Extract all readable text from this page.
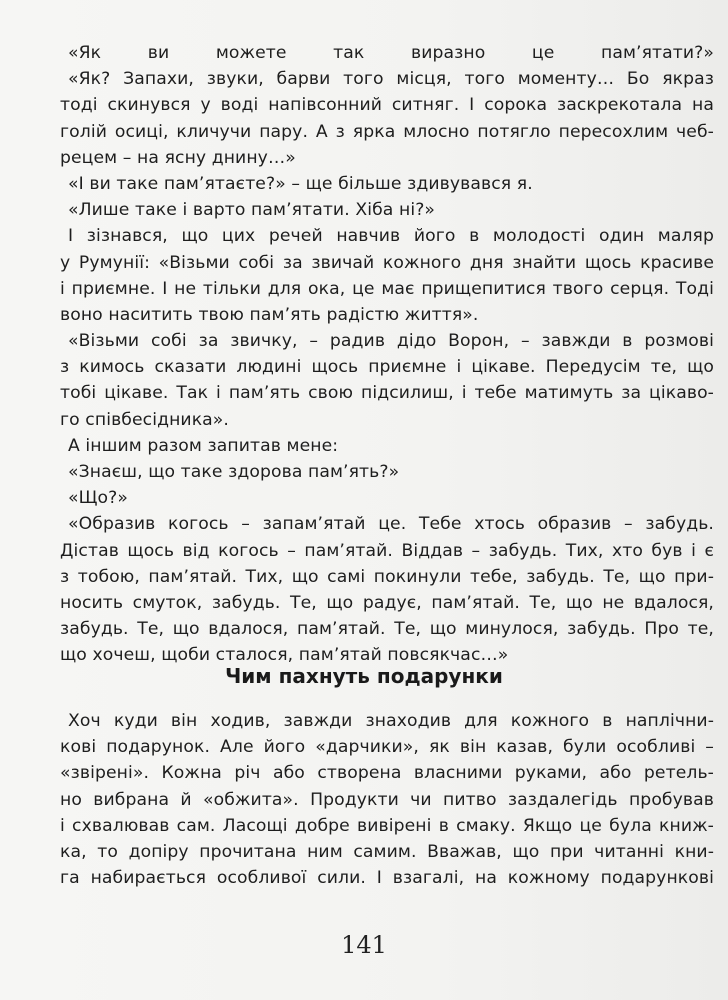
«Як ви можете так виразно це пам’ятати?»
«Як? Запахи, звуки, барви того місця, того моменту… Бо якраз
тоді скинувся у воді напівсонний ситняг. І сорока заскрекотала на
голій осиці, кличучи пару. А з ярка млосно потягло пересохлим чеб-
рецем – на ясну днину…»
«І ви таке пам’ятаєте?» – ще більше здивувався я.
«Лише таке і варто пам’ятати. Хіба ні?»
І зізнався, що цих речей навчив його в молодості один маляр
у Румунії: «Візьми собі за звичай кожного дня знайти щось красиве
і приємне. І не тільки для ока, це має прищепитися твого серця. Тоді
воно наситить твою пам’ять радістю життя».
«Візьми собі за звичку, – радив дідо Ворон, – завжди в розмові
з кимось сказати людині щось приємне і цікаве. Передусім те, що
тобі цікаве. Так і пам’ять свою підсилиш, і тебе матимуть за цікаво-
го співбесідника».
А іншим разом запитав мене:
«Знаєш, що таке здорова пам’ять?»
«Що?»
«Образив когось – запам’ятай це. Тебе хтось образив – забудь.
Дістав щось від когось – пам’ятай. Віддав – забудь. Тих, хто був і є
з тобою, пам’ятай. Тих, що самі покинули тебе, забудь. Те, що при-
носить смуток, забудь. Те, що радує, пам’ятай. Те, що не вдалося,
забудь. Те, що вдалося, пам’ятай. Те, що минулося, забудь. Про те,
що хочеш, щоби сталося, пам’ятай повсякчас…»
Чим пахнуть подарунки
Хоч куди він ходив, завжди знаходив для кожного в наплічни-
кові подарунок. Але його «дарчики», як він казав, були особливі –
«звірені». Кожна річ або створена власними руками, або ретель-
но вибрана й «обжита». Продукти чи питво заздалегідь пробував
і схвалював сам. Ласощі добре вивірені в смаку. Якщо це була книж-
ка, то допіру прочитана ним самим. Вважав, що при читанні кни-
га набирається особливої сили. І взагалі, на кожному подарункові
141
